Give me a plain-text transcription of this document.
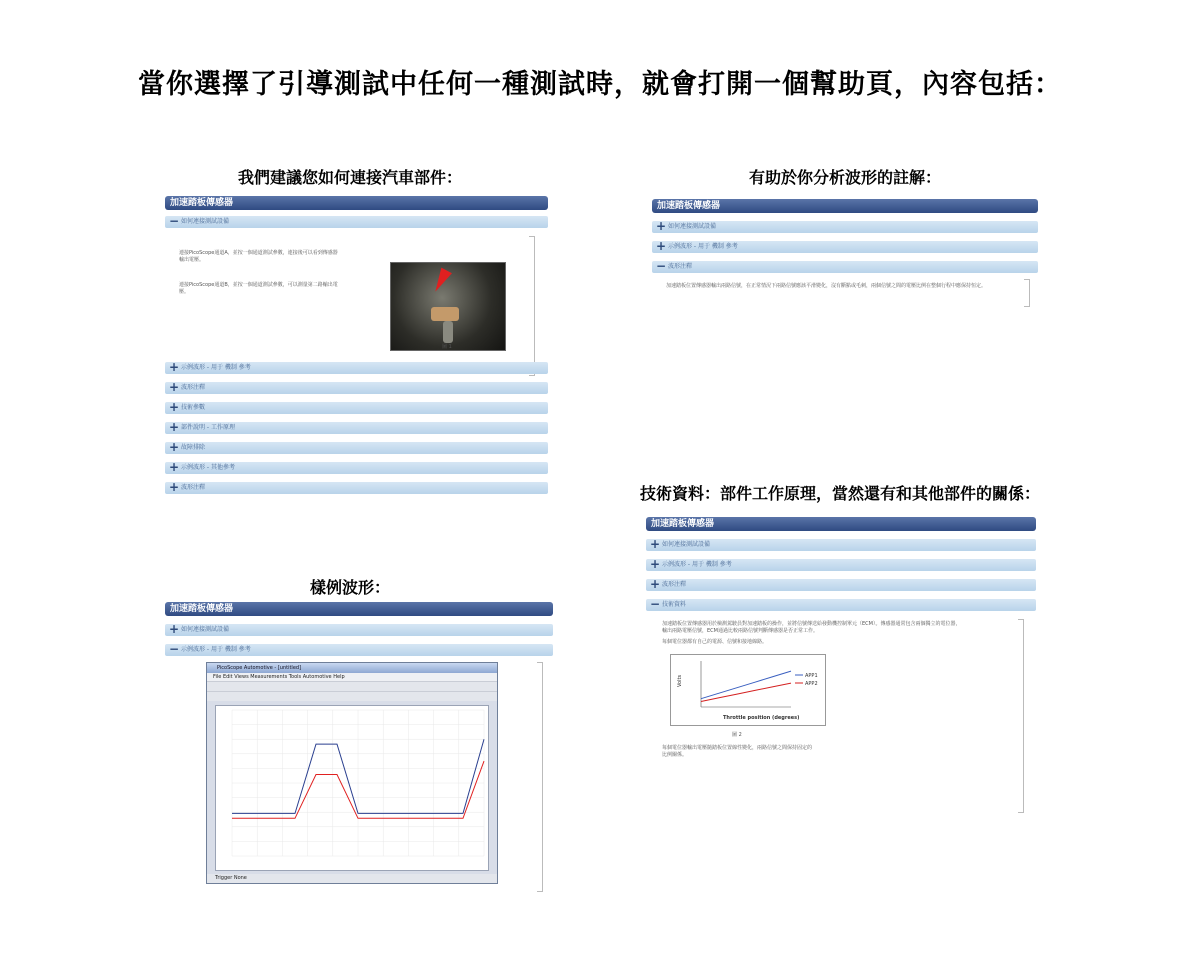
當你選擇了引導測試中任何一種測試時，就會打開一個幫助頁，內容包括：
我們建議您如何連接汽車部件：	有助於你分析波形的註解：
樣例波形：
技術資料：部件工作原理，當然還有和其他部件的關係：
加速踏板傳感器
− 如何連接測試設備
連接PicoScope通道A，並按一個通道測試參數，連接後可以看到傳感器輸出電壓。
連接PicoScope通道B，並按一個通道測試參數，可以測量第二路輸出電壓。
圖 1
+ 示例波形 - 用于 機制 參考
+ 波形注釋
+ 技術參數
+ 部件說明 - 工作原理
+ 故障排除
+ 示例波形 - 其他參考
+ 波形注釋
加速踏板傳感器
+ 如何連接測試設備
+ 示例波形 - 用于 機制 參考
− 波形注釋
加速踏板位置傳感器輸出兩路信號，在正常情況下兩路信號應該平滑變化，沒有斷點或毛刺，兩個信號之間的電壓比例在整個行程中應保持恒定。
加速踏板傳感器
+ 如何連接測試設備
− 示例波形 - 用于 機制 參考
PicoScope Automotive - [untitled]
File Edit Views Measurements Tools Automotive Help
Trigger None
加速踏板傳感器
+ 如何連接測試設備
+ 示例波形 - 用于 機制 參考
+ 波形注釋
− 技術資料
加速踏板位置傳感器用於檢測駕駛員對加速踏板的操作，並將信號傳送給發動機控制單元（ECM）。傳感器通常包含兩個獨立的電位器，輸出兩路電壓信號，ECM通過比較兩路信號判斷傳感器是否正常工作。
每個電位器都有自己的電源、信號和接地線路。
APP1
APP2
Volts
Throttle position (degrees)
圖 2
每個電位器輸出電壓隨踏板位置線性變化，兩路信號之間保持固定的比例關係。
